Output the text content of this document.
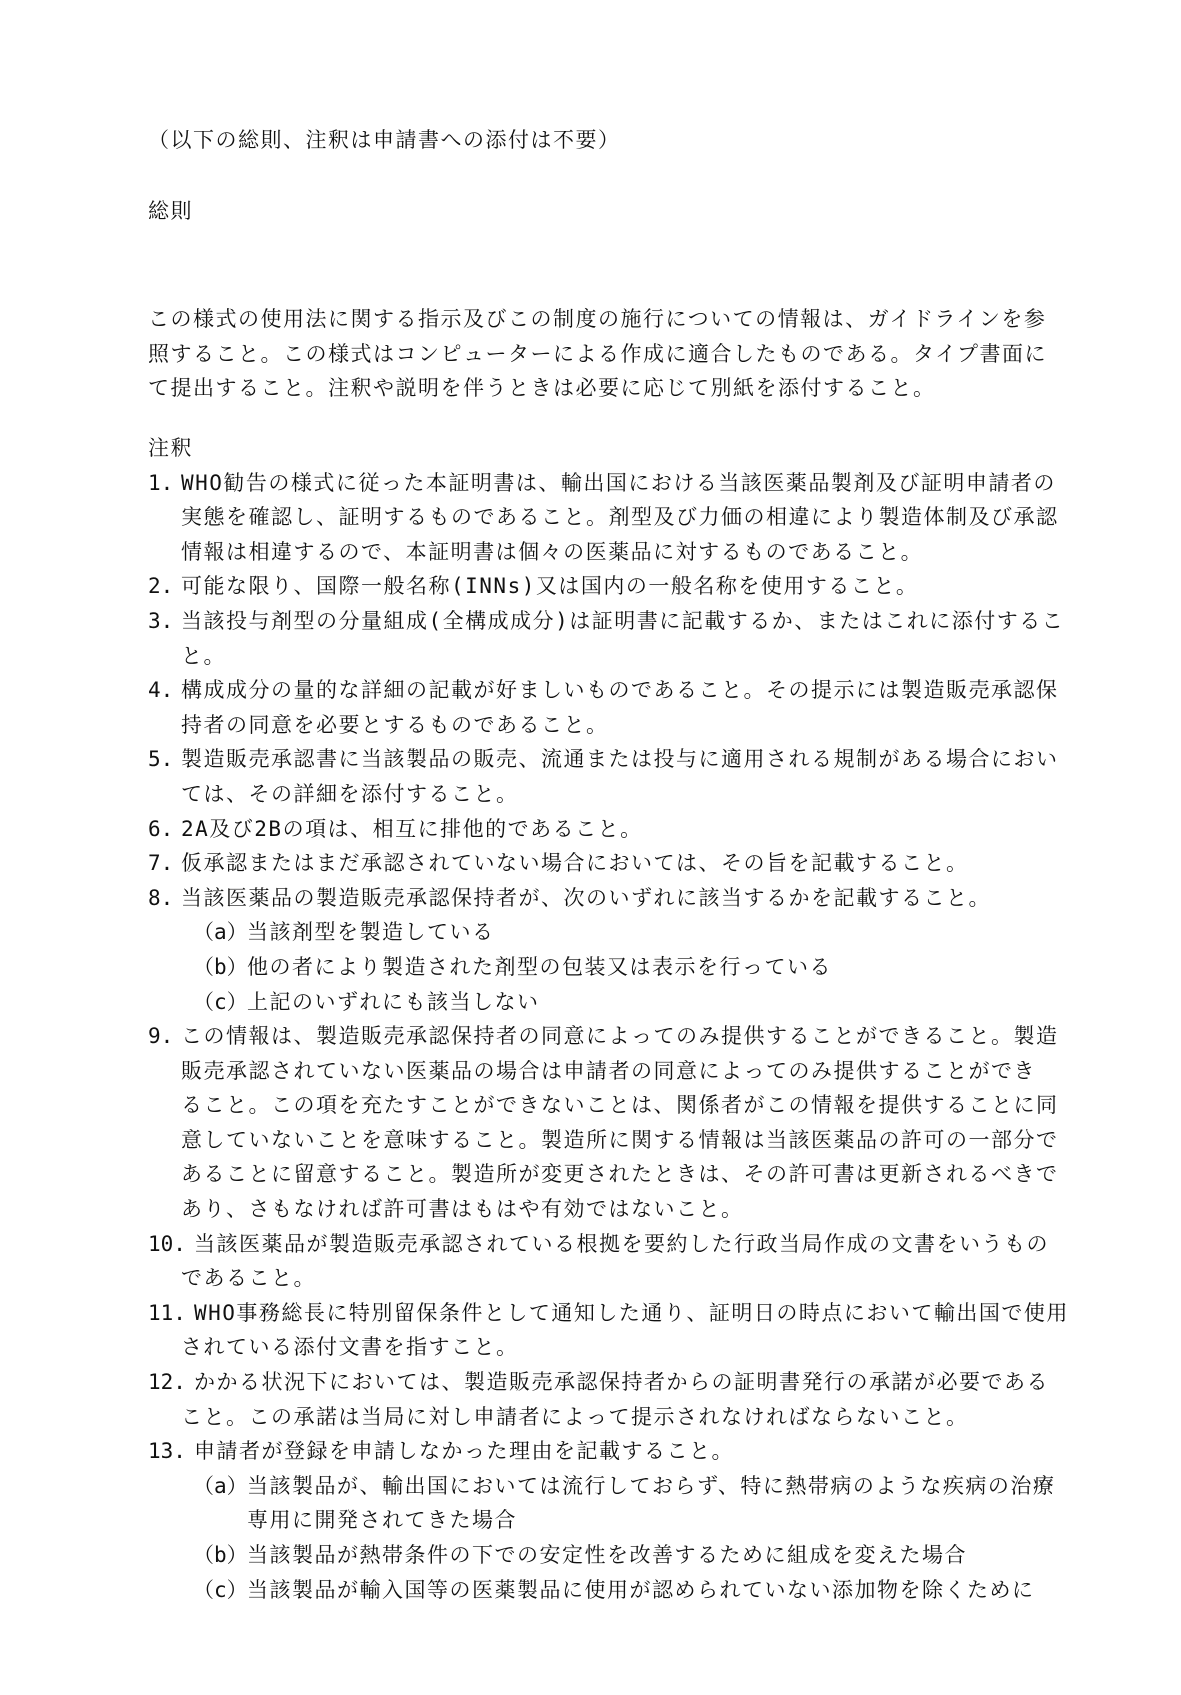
（以下の総則、注釈は申請書への添付は不要）
総則
この様式の使用法に関する指示及びこの制度の施行についての情報は、ガイドラインを参
照すること。この様式はコンピューターによる作成に適合したものである。タイプ書面に
て提出すること。注釈や説明を伴うときは必要に応じて別紙を添付すること。
注釈
1. WHO勧告の様式に従った本証明書は、輸出国における当該医薬品製剤及び証明申請者の
実態を確認し、証明するものであること。剤型及び力価の相違により製造体制及び承認
情報は相違するので、本証明書は個々の医薬品に対するものであること。
2. 可能な限り、国際一般名称(INNs)又は国内の一般名称を使用すること。
3. 当該投与剤型の分量組成(全構成成分)は証明書に記載するか、またはこれに添付するこ
と。
4. 構成成分の量的な詳細の記載が好ましいものであること。その提示には製造販売承認保
持者の同意を必要とするものであること。
5. 製造販売承認書に当該製品の販売、流通または投与に適用される規制がある場合におい
ては、その詳細を添付すること。
6. 2A及び2Bの項は、相互に排他的であること。
7. 仮承認またはまだ承認されていない場合においては、その旨を記載すること。
8. 当該医薬品の製造販売承認保持者が、次のいずれに該当するかを記載すること。
（a） 当該剤型を製造している
（b） 他の者により製造された剤型の包装又は表示を行っている
（c） 上記のいずれにも該当しない
9. この情報は、製造販売承認保持者の同意によってのみ提供することができること。製造
販売承認されていない医薬品の場合は申請者の同意によってのみ提供することができ
ること。この項を充たすことができないことは、関係者がこの情報を提供することに同
意していないことを意味すること。製造所に関する情報は当該医薬品の許可の一部分で
あることに留意すること。製造所が変更されたときは、その許可書は更新されるべきで
あり、さもなければ許可書はもはや有効ではないこと。
10. 当該医薬品が製造販売承認されている根拠を要約した行政当局作成の文書をいうもの
であること。
11. WHO事務総長に特別留保条件として通知した通り、証明日の時点において輸出国で使用
されている添付文書を指すこと。
12. かかる状況下においては、製造販売承認保持者からの証明書発行の承諾が必要である
こと。この承諾は当局に対し申請者によって提示されなければならないこと。
13. 申請者が登録を申請しなかった理由を記載すること。
（a） 当該製品が、輸出国においては流行しておらず、特に熱帯病のような疾病の治療
専用に開発されてきた場合
（b） 当該製品が熱帯条件の下での安定性を改善するために組成を変えた場合
（c） 当該製品が輸入国等の医薬製品に使用が認められていない添加物を除くために
